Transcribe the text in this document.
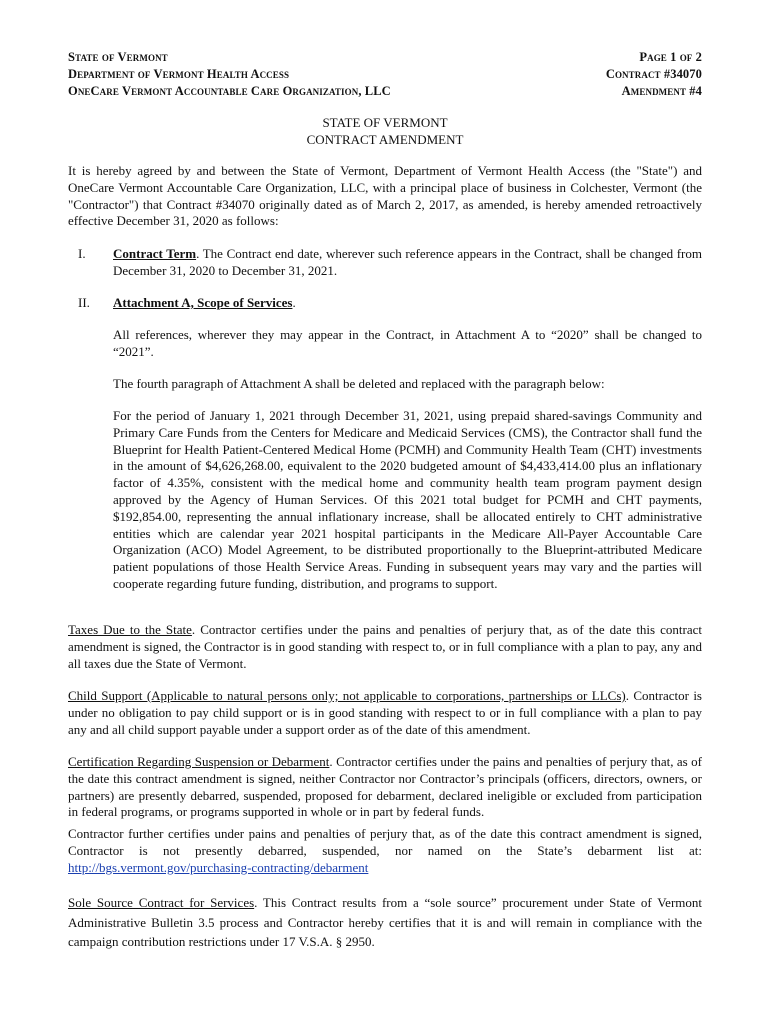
State of Vermont
Department of Vermont Health Access
OneCare Vermont Accountable Care Organization, LLC
Page 1 of 2
Contract #34070
Amendment #4
STATE OF VERMONT
CONTRACT AMENDMENT

It is hereby agreed by and between the State of Vermont, Department of Vermont Health Access (the "State") and OneCare Vermont Accountable Care Organization, LLC, with a principal place of business in Colchester, Vermont (the "Contractor") that Contract #34070 originally dated as of March 2, 2017, as amended, is hereby amended retroactively effective December 31, 2020 as follows:

I. Contract Term. The Contract end date, wherever such reference appears in the Contract, shall be changed from December 31, 2020 to December 31, 2021.
II. Attachment A, Scope of Services.

All references, wherever they may appear in the Contract, in Attachment A to “2020” shall be changed to “2021”.

The fourth paragraph of Attachment A shall be deleted and replaced with the paragraph below:

For the period of January 1, 2021 through December 31, 2021, using prepaid shared-savings Community and Primary Care Funds from the Centers for Medicare and Medicaid Services (CMS), the Contractor shall fund the Blueprint for Health Patient-Centered Medical Home (PCMH) and Community Health Team (CHT) investments in the amount of $4,626,268.00, equivalent to the 2020 budgeted amount of $4,433,414.00 plus an inflationary factor of 4.35%, consistent with the medical home and community health team program payment design approved by the Agency of Human Services. Of this 2021 total budget for PCMH and CHT payments, $192,854.00, representing the annual inflationary increase, shall be allocated entirely to CHT administrative entities which are calendar year 2021 hospital participants in the Medicare All-Payer Accountable Care Organization (ACO) Model Agreement, to be distributed proportionally to the Blueprint-attributed Medicare patient populations of those Health Service Areas. Funding in subsequent years may vary and the parties will cooperate regarding future funding, distribution, and programs to support.

Taxes Due to the State. Contractor certifies under the pains and penalties of perjury that, as of the date this contract amendment is signed, the Contractor is in good standing with respect to, or in full compliance with a plan to pay, any and all taxes due the State of Vermont.

Child Support (Applicable to natural persons only; not applicable to corporations, partnerships or LLCs). Contractor is under no obligation to pay child support or is in good standing with respect to or in full compliance with a plan to pay any and all child support payable under a support order as of the date of this amendment.

Certification Regarding Suspension or Debarment. Contractor certifies under the pains and penalties of perjury that, as of the date this contract amendment is signed, neither Contractor nor Contractor’s principals (officers, directors, owners, or partners) are presently debarred, suspended, proposed for debarment, declared ineligible or excluded from participation in federal programs, or programs supported in whole or in part by federal funds.

Contractor further certifies under pains and penalties of perjury that, as of the date this contract amendment is signed, Contractor is not presently debarred, suspended, nor named on the State’s debarment list at: http://bgs.vermont.gov/purchasing-contracting/debarment

Sole Source Contract for Services. This Contract results from a “sole source” procurement under State of Vermont Administrative Bulletin 3.5 process and Contractor hereby certifies that it is and will remain in compliance with the campaign contribution restrictions under 17 V.S.A. § 2950.
